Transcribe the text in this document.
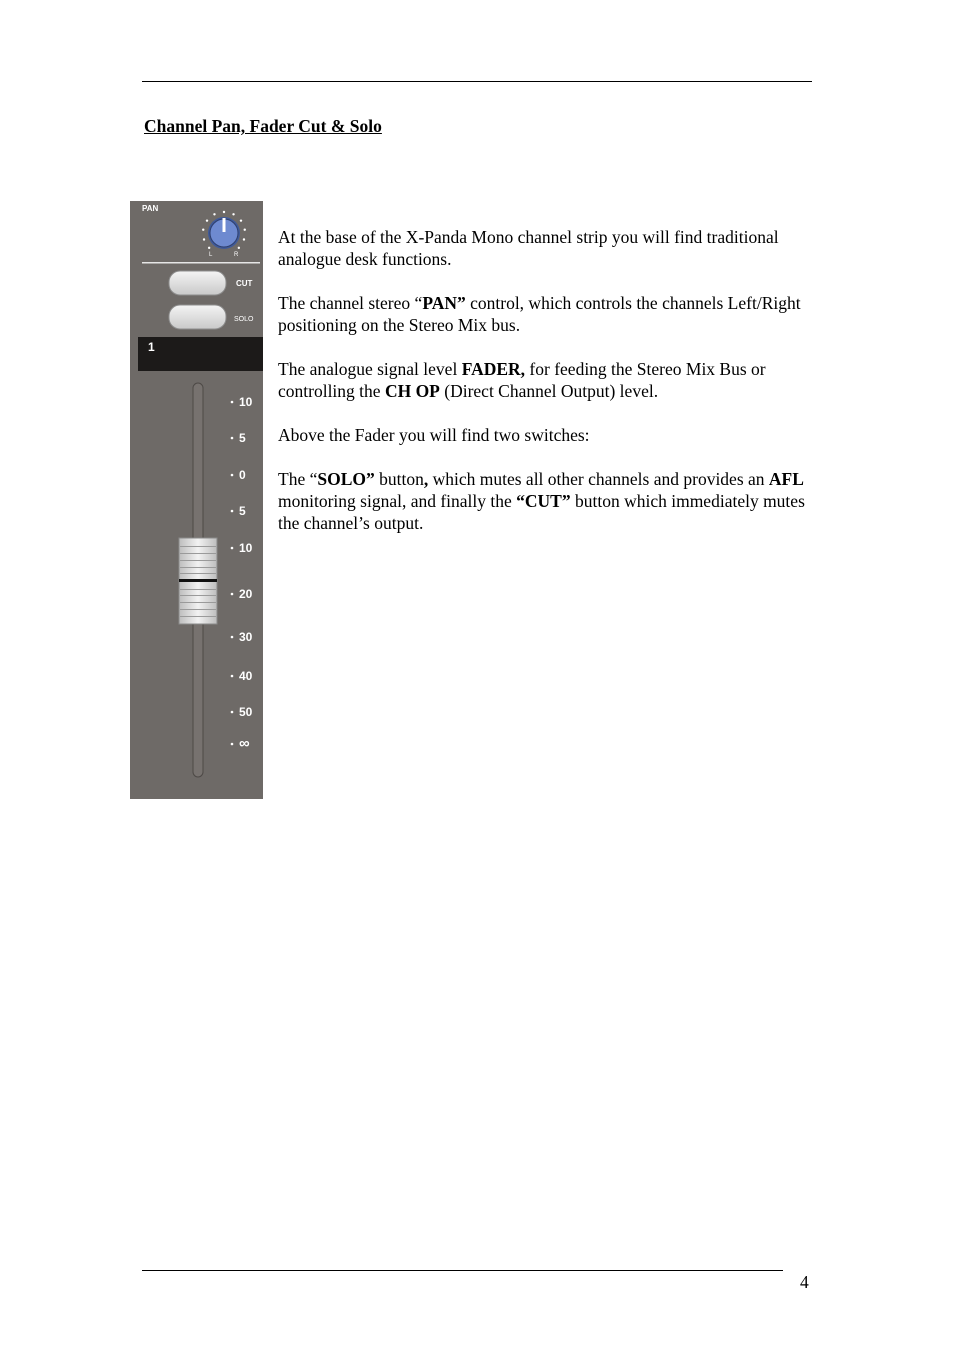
Channel Pan, Fader Cut & Solo
PAN
L	R
CUT
SOLO
1
10
5
0
5
10
20
30
40
50
∞

At the base of the X-Panda Mono channel strip you will find traditional analogue desk functions.

The channel stereo “PAN” control, which controls the channels Left/Right positioning on the Stereo Mix bus.

The analogue signal level FADER, for feeding the Stereo Mix Bus or controlling the CH OP (Direct Channel Output) level.

Above the Fader you will find two switches:

The “SOLO” button, which mutes all other channels and provides an AFL monitoring signal, and finally the “CUT” button which immediately mutes the channel’s output.

4
